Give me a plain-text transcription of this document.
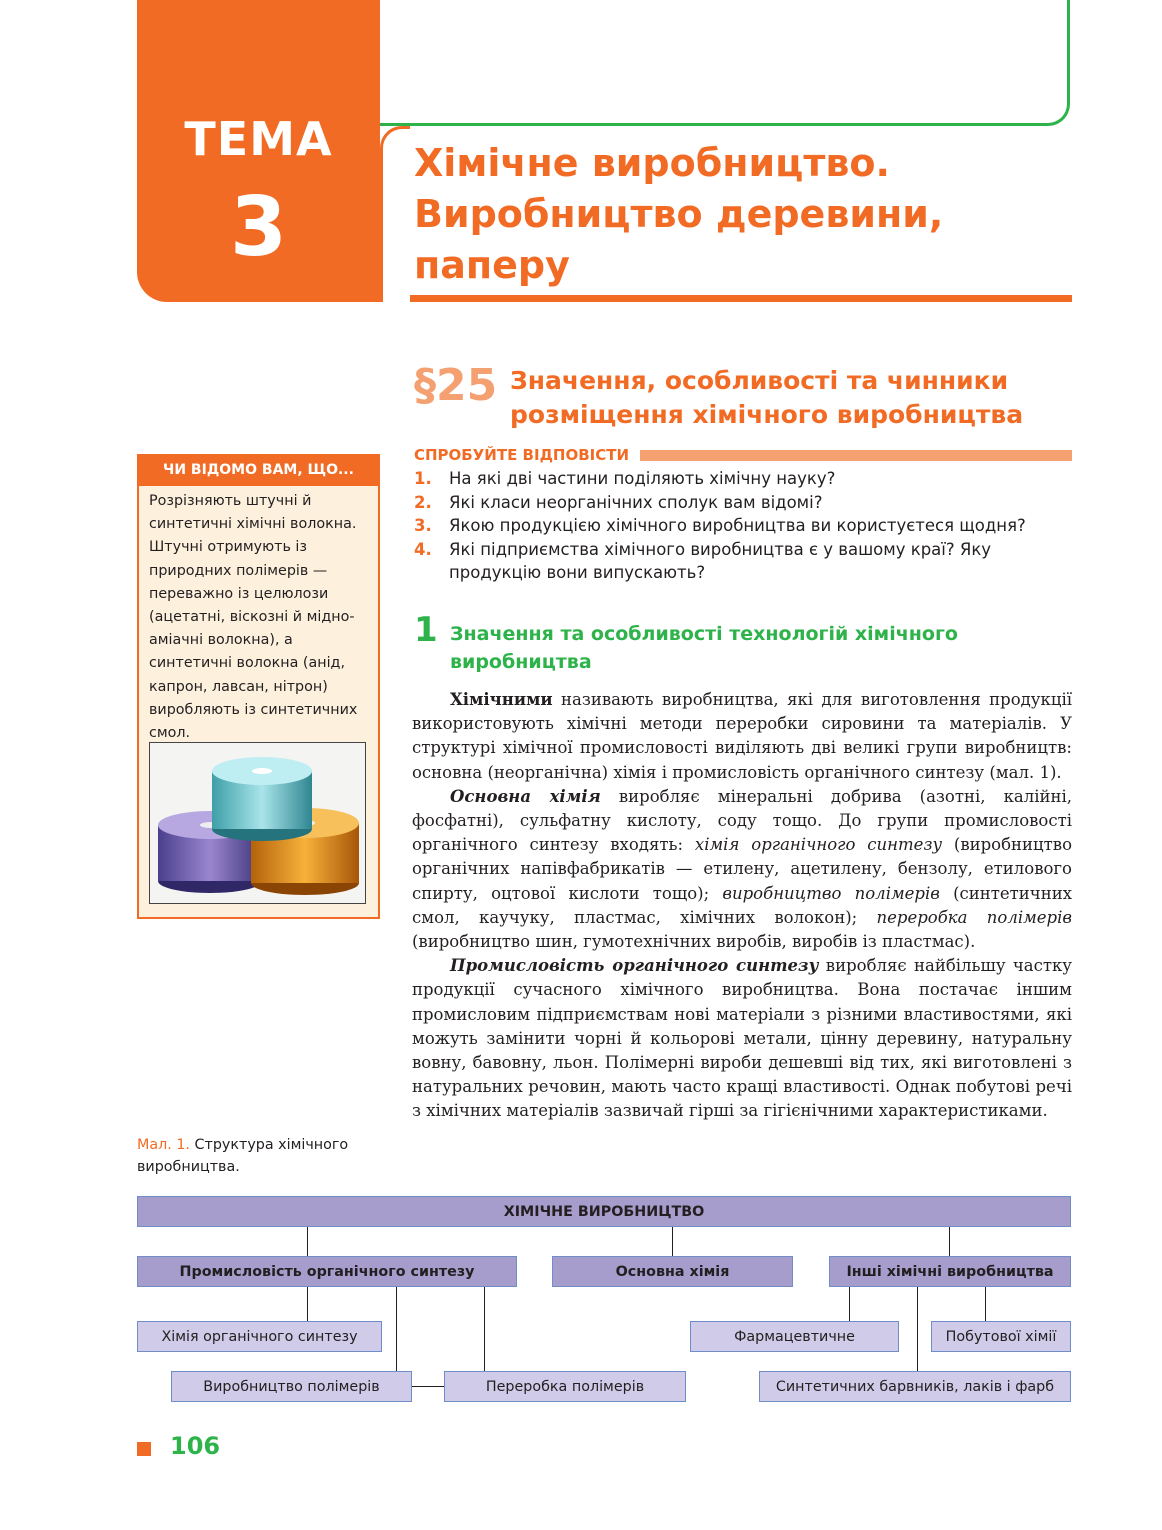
ТЕМА
3
Хімічне виробництво.
Виробництво деревини,
паперу
§25 Значення, особливості та чинники
розміщення хімічного виробництва
СПРОБУЙТЕ ВІДПОВІСТИ
1. На які дві частини поділяють хімічну науку?
2. Які класи неорганічних сполук вам відомі?
3. Якою продукцією хімічного виробництва ви користуєтеся щодня?
4. Які підприємства хімічного виробництва є у вашому краї? Яку продукцію вони випускають?
1 Значення та особливості технологій хімічного виробництва

Хімічними називають виробництва, які для виготовлення продукції використовують хімічні методи переробки сировини та матеріалів. У структурі хімічної промисловості виділяють дві великі групи виробництв: основна (неорганічна) хімія і промисловість органічного синтезу (мал. 1).

Основна хімія виробляє мінеральні добрива (азотні, калійні, фосфатні), сульфатну кислоту, соду тощо. До групи промисловості органічного синтезу входять: хімія органічного синтезу (виробництво органічних напівфабрикатів — етилену, ацетилену, бензолу, етилового спирту, оцтової кислоти тощо); виробництво полімерів (синтетичних смол, каучуку, пластмас, хімічних волокон); переробка полімерів (виробництво шин, гумотехнічних виробів, виробів із пластмас).

Промисловість органічного синтезу виробляє найбільшу частку продукції сучасного хімічного виробництва. Вона постачає іншим промисловим підприємствам нові матеріали з різними властивостями, які можуть замінити чорні й кольорові метали, цінну деревину, натуральну вовну, бавовну, льон. Полімерні вироби дешевші від тих, які виготовлені з натуральних речовин, мають часто кращі властивості. Однак побутові речі з хімічних матеріалів зазвичай гірші за гігієнічними характеристиками.

ЧИ ВІДОМО ВАМ, ЩО...
Розрізняють штучні й синтетичні хімічні волокна. Штучні отримують із природних полімерів — переважно із целюлози (ацетатні, віскозні й мідно-аміачні волокна), а синтетичні волокна (анід, капрон, лавсан, нітрон) виробляють із синтетичних смол.
Мал. 1. Структура хімічного виробництва.
ХІМІЧНЕ ВИРОБНИЦТВО
Промисловість органічного синтезу	Основна хімія	Інші хімічні виробництва
Хімія органічного синтезу
Виробництво полімерів	Переробка полімерів
Фармацевтичне	Побутової хімії
Синтетичних барвників, лаків і фарб
106
